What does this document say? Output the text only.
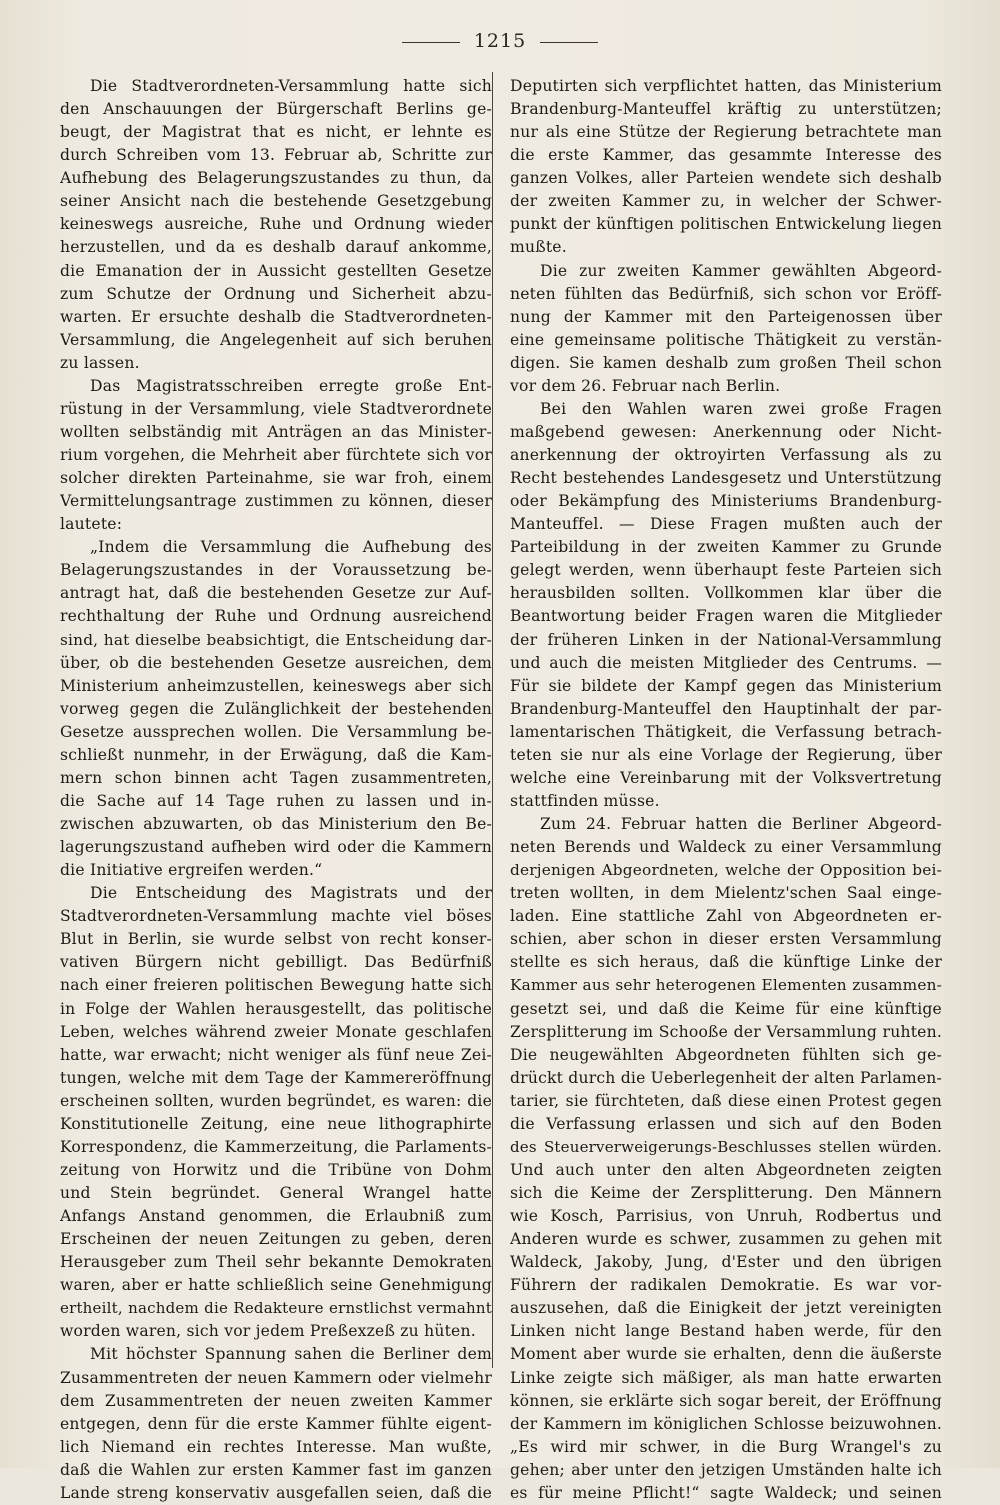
1215
Die Stadtverordneten-Versammlung hatte sich
den Anschauungen der Bürgerschaft Berlins ge-
beugt, der Magistrat that es nicht, er lehnte es
durch Schreiben vom 13. Februar ab, Schritte zur
Aufhebung des Belagerungszustandes zu thun, da
seiner Ansicht nach die bestehende Gesetzgebung
keineswegs ausreiche, Ruhe und Ordnung wieder
herzustellen, und da es deshalb darauf ankomme,
die Emanation der in Aussicht gestellten Gesetze
zum Schutze der Ordnung und Sicherheit abzu-
warten. Er ersuchte deshalb die Stadtverordneten-
Versammlung, die Angelegenheit auf sich beruhen
zu lassen.
Das Magistratsschreiben erregte große Ent-
rüstung in der Versammlung, viele Stadtverordnete
wollten selbständig mit Anträgen an das Minister-
rium vorgehen, die Mehrheit aber fürchtete sich vor
solcher direkten Parteinahme, sie war froh, einem
Vermittelungsantrage zustimmen zu können, dieser
lautete:
„Indem die Versammlung die Aufhebung des
Belagerungszustandes in der Voraussetzung be-
antragt hat, daß die bestehenden Gesetze zur Auf-
rechthaltung der Ruhe und Ordnung ausreichend
sind, hat dieselbe beabsichtigt, die Entscheidung dar-
über, ob die bestehenden Gesetze ausreichen, dem
Ministerium anheimzustellen, keineswegs aber sich
vorweg gegen die Zulänglichkeit der bestehenden
Gesetze aussprechen wollen. Die Versammlung be-
schließt nunmehr, in der Erwägung, daß die Kam-
mern schon binnen acht Tagen zusammentreten,
die Sache auf 14 Tage ruhen zu lassen und in-
zwischen abzuwarten, ob das Ministerium den Be-
lagerungszustand aufheben wird oder die Kammern
die Initiative ergreifen werden.“
Die Entscheidung des Magistrats und der
Stadtverordneten-Versammlung machte viel böses
Blut in Berlin, sie wurde selbst von recht konser-
vativen Bürgern nicht gebilligt. Das Bedürfniß
nach einer freieren politischen Bewegung hatte sich
in Folge der Wahlen herausgestellt, das politische
Leben, welches während zweier Monate geschlafen
hatte, war erwacht; nicht weniger als fünf neue Zei-
tungen, welche mit dem Tage der Kammereröffnung
erscheinen sollten, wurden begründet, es waren: die
Konstitutionelle Zeitung, eine neue lithographirte
Korrespondenz, die Kammerzeitung, die Parlaments-
zeitung von Horwitz und die Tribüne von Dohm
und Stein begründet. General Wrangel hatte
Anfangs Anstand genommen, die Erlaubniß zum
Erscheinen der neuen Zeitungen zu geben, deren
Herausgeber zum Theil sehr bekannte Demokraten
waren, aber er hatte schließlich seine Genehmigung
ertheilt, nachdem die Redakteure ernstlichst vermahnt
worden waren, sich vor jedem Preßexzeß zu hüten.
Mit höchster Spannung sahen die Berliner dem
Zusammentreten der neuen Kammern oder vielmehr
dem Zusammentreten der neuen zweiten Kammer
entgegen, denn für die erste Kammer fühlte eigent-
lich Niemand ein rechtes Interesse. Man wußte,
daß die Wahlen zur ersten Kammer fast im ganzen
Lande streng konservativ ausgefallen seien, daß die
Deputirten sich verpflichtet hatten, das Ministerium
Brandenburg-Manteuffel kräftig zu unterstützen;
nur als eine Stütze der Regierung betrachtete man
die erste Kammer, das gesammte Interesse des
ganzen Volkes, aller Parteien wendete sich deshalb
der zweiten Kammer zu, in welcher der Schwer-
punkt der künftigen politischen Entwickelung liegen
mußte.
Die zur zweiten Kammer gewählten Abgeord-
neten fühlten das Bedürfniß, sich schon vor Eröff-
nung der Kammer mit den Parteigenossen über
eine gemeinsame politische Thätigkeit zu verstän-
digen. Sie kamen deshalb zum großen Theil schon
vor dem 26. Februar nach Berlin.
Bei den Wahlen waren zwei große Fragen
maßgebend gewesen: Anerkennung oder Nicht-
anerkennung der oktroyirten Verfassung als zu
Recht bestehendes Landesgesetz und Unterstützung
oder Bekämpfung des Ministeriums Brandenburg-
Manteuffel. — Diese Fragen mußten auch der
Parteibildung in der zweiten Kammer zu Grunde
gelegt werden, wenn überhaupt feste Parteien sich
herausbilden sollten. Vollkommen klar über die
Beantwortung beider Fragen waren die Mitglieder
der früheren Linken in der National-Versammlung
und auch die meisten Mitglieder des Centrums. —
Für sie bildete der Kampf gegen das Ministerium
Brandenburg-Manteuffel den Hauptinhalt der par-
lamentarischen Thätigkeit, die Verfassung betrach-
teten sie nur als eine Vorlage der Regierung, über
welche eine Vereinbarung mit der Volksvertretung
stattfinden müsse.
Zum 24. Februar hatten die Berliner Abgeord-
neten Berends und Waldeck zu einer Versammlung
derjenigen Abgeordneten, welche der Opposition bei-
treten wollten, in dem Mielentz'schen Saal einge-
laden. Eine stattliche Zahl von Abgeordneten er-
schien, aber schon in dieser ersten Versammlung
stellte es sich heraus, daß die künftige Linke der
Kammer aus sehr heterogenen Elementen zusammen-
gesetzt sei, und daß die Keime für eine künftige
Zersplitterung im Schooße der Versammlung ruhten.
Die neugewählten Abgeordneten fühlten sich ge-
drückt durch die Ueberlegenheit der alten Parlamen-
tarier, sie fürchteten, daß diese einen Protest gegen
die Verfassung erlassen und sich auf den Boden
des Steuerverweigerungs-Beschlusses stellen würden.
Und auch unter den alten Abgeordneten zeigten
sich die Keime der Zersplitterung. Den Männern
wie Kosch, Parrisius, von Unruh, Rodbertus und
Anderen wurde es schwer, zusammen zu gehen mit
Waldeck, Jakoby, Jung, d'Ester und den übrigen
Führern der radikalen Demokratie. Es war vor-
auszusehen, daß die Einigkeit der jetzt vereinigten
Linken nicht lange Bestand haben werde, für den
Moment aber wurde sie erhalten, denn die äußerste
Linke zeigte sich mäßiger, als man hatte erwarten
können, sie erklärte sich sogar bereit, der Eröffnung
der Kammern im königlichen Schlosse beizuwohnen.
„Es wird mir schwer, in die Burg Wrangel's zu
gehen; aber unter den jetzigen Umständen halte ich
es für meine Pflicht!“ sagte Waldeck; und seinen
